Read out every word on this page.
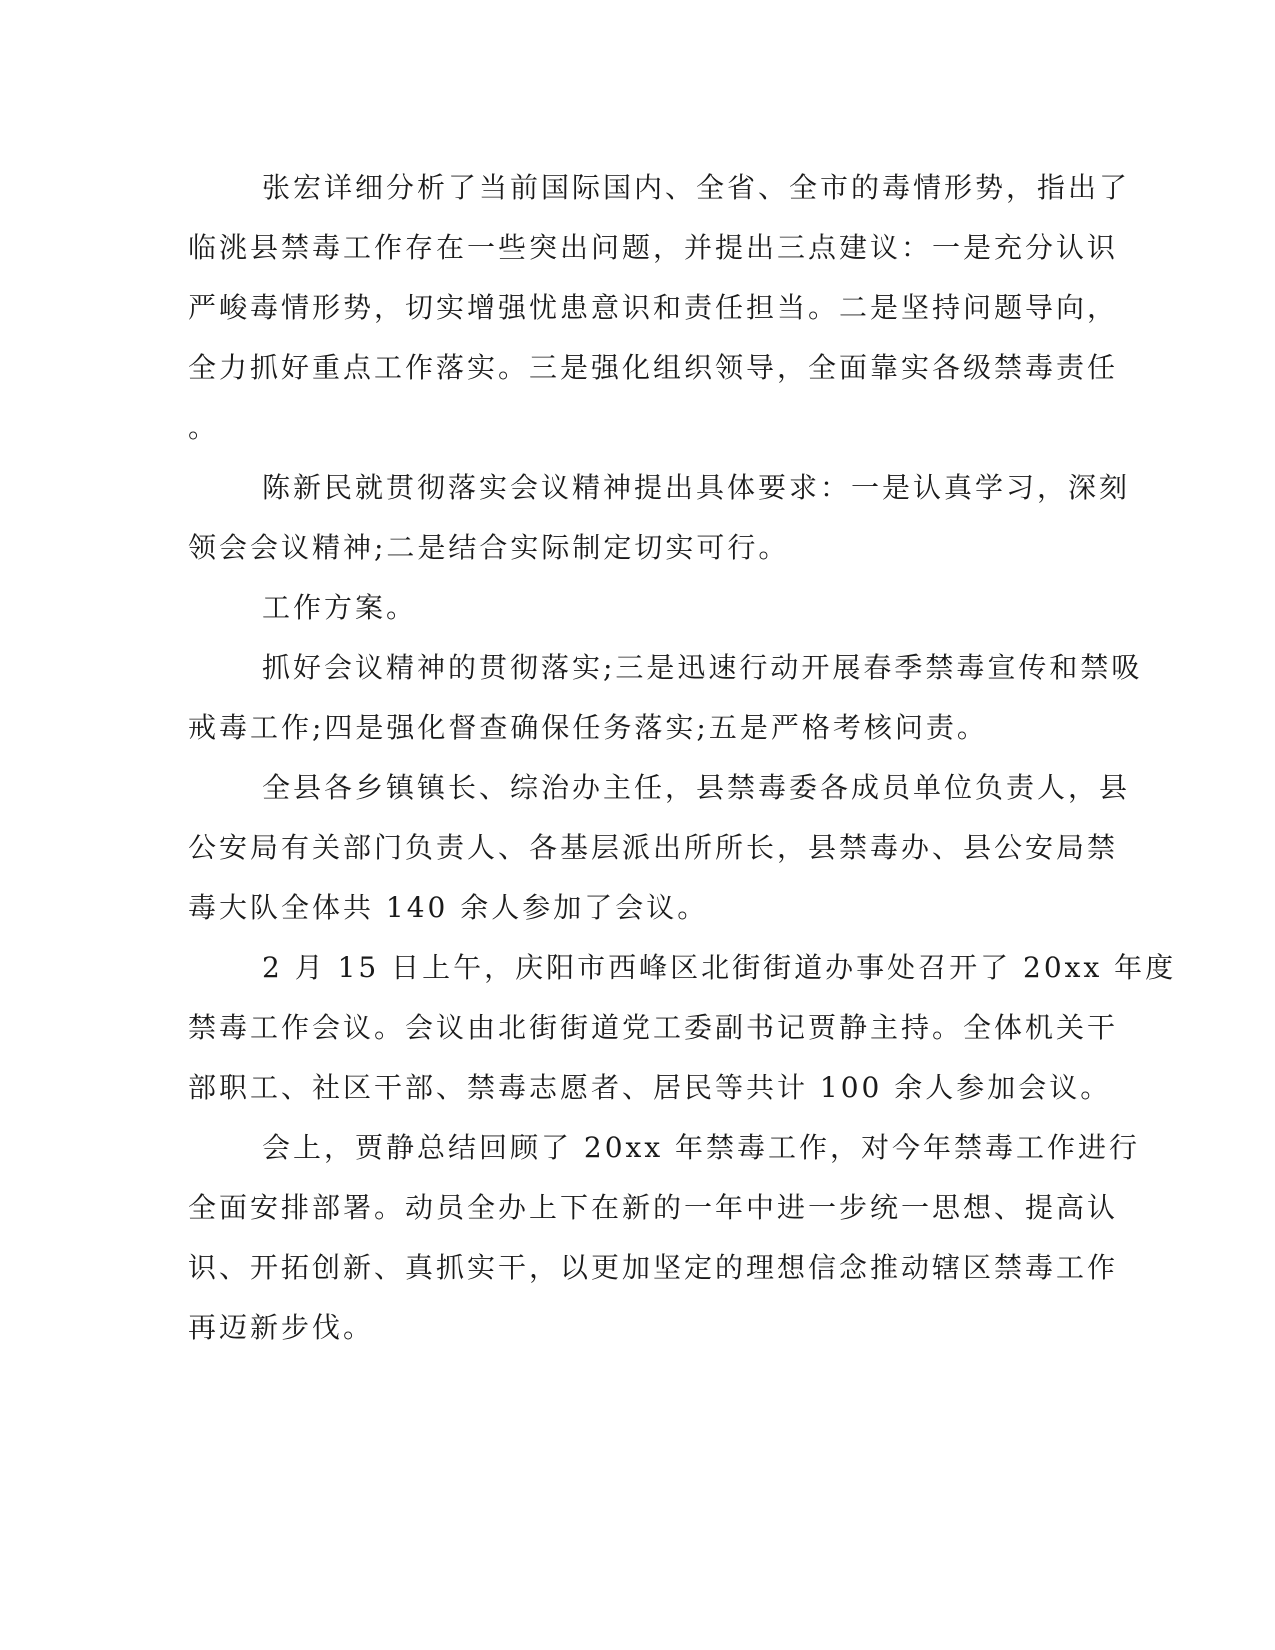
张宏详细分析了当前国际国内、全省、全市的毒情形势，指出了
临洮县禁毒工作存在一些突出问题，并提出三点建议：一是充分认识
严峻毒情形势，切实增强忧患意识和责任担当。二是坚持问题导向，
全力抓好重点工作落实。三是强化组织领导，全面靠实各级禁毒责任
。
陈新民就贯彻落实会议精神提出具体要求：一是认真学习，深刻
领会会议精神;二是结合实际制定切实可行。
工作方案。
抓好会议精神的贯彻落实;三是迅速行动开展春季禁毒宣传和禁吸
戒毒工作;四是强化督查确保任务落实;五是严格考核问责。
全县各乡镇镇长、综治办主任，县禁毒委各成员单位负责人，县
公安局有关部门负责人、各基层派出所所长，县禁毒办、县公安局禁
毒大队全体共 140 余人参加了会议。
2 月 15 日上午，庆阳市西峰区北街街道办事处召开了 20xx 年度
禁毒工作会议。会议由北街街道党工委副书记贾静主持。全体机关干
部职工、社区干部、禁毒志愿者、居民等共计 100 余人参加会议。
会上，贾静总结回顾了 20xx 年禁毒工作，对今年禁毒工作进行
全面安排部署。动员全办上下在新的一年中进一步统一思想、提高认
识、开拓创新、真抓实干，以更加坚定的理想信念推动辖区禁毒工作
再迈新步伐。
